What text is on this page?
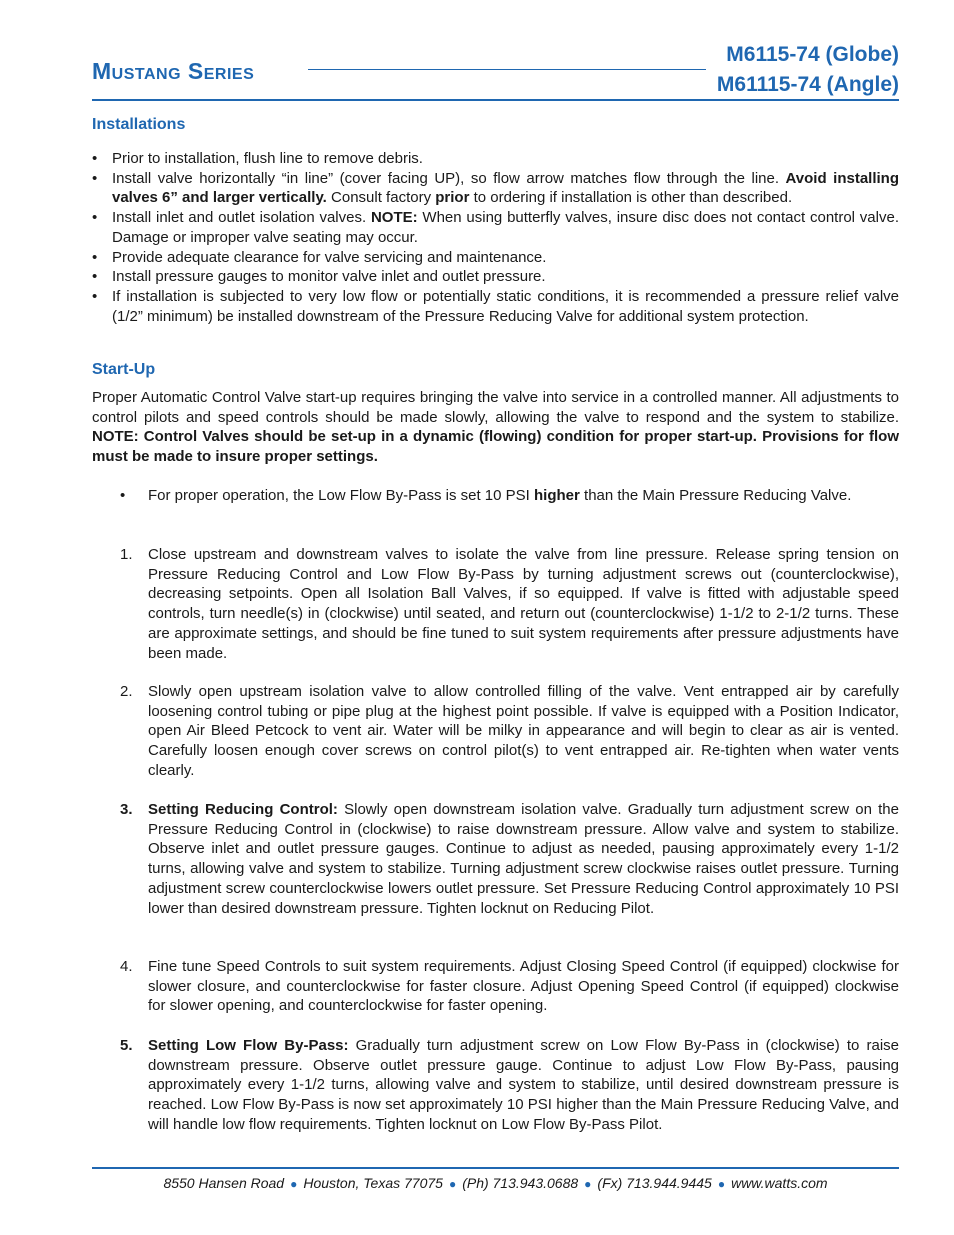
Mustang Series
M6115-74 (Globe)
M61115-74 (Angle)
Installations
• Prior to installation, flush line to remove debris.
• Install valve horizontally “in line” (cover facing UP), so flow arrow matches flow through the line. Avoid installing valves 6” and larger vertically. Consult factory prior to ordering if installation is other than described.
• Install inlet and outlet isolation valves. NOTE: When using butterfly valves, insure disc does not contact control valve. Damage or improper valve seating may occur.
• Provide adequate clearance for valve servicing and maintenance.
• Install pressure gauges to monitor valve inlet and outlet pressure.
• If installation is subjected to very low flow or potentially static conditions, it is recommended a pressure relief valve (1/2” minimum) be installed downstream of the Pressure Reducing Valve for additional system protection.
Start-Up
Proper Automatic Control Valve start-up requires bringing the valve into service in a controlled manner. All adjustments to control pilots and speed controls should be made slowly, allowing the valve to respond and the system to stabilize. NOTE: Control Valves should be set-up in a dynamic (flowing) condition for proper start-up. Provisions for flow must be made to insure proper settings.
• For proper operation, the Low Flow By-Pass is set 10 PSI higher than the Main Pressure Reducing Valve.
1. Close upstream and downstream valves to isolate the valve from line pressure. Release spring tension on Pressure Reducing Control and Low Flow By-Pass by turning adjustment screws out (counterclockwise), decreasing setpoints. Open all Isolation Ball Valves, if so equipped. If valve is fitted with adjustable speed controls, turn needle(s) in (clockwise) until seated, and return out (counterclockwise) 1-1/2 to 2-1/2 turns. These are approximate settings, and should be fine tuned to suit system requirements after pressure adjustments have been made.
2. Slowly open upstream isolation valve to allow controlled filling of the valve. Vent entrapped air by carefully loosening control tubing or pipe plug at the highest point possible. If valve is equipped with a Position Indicator, open Air Bleed Petcock to vent air. Water will be milky in appearance and will begin to clear as air is vented. Carefully loosen enough cover screws on control pilot(s) to vent entrapped air. Re-tighten when water vents clearly.
3. Setting Reducing Control: Slowly open downstream isolation valve. Gradually turn adjustment screw on the Pressure Reducing Control in (clockwise) to raise downstream pressure. Allow valve and system to stabilize. Observe inlet and outlet pressure gauges. Continue to adjust as needed, pausing approximately every 1-1/2 turns, allowing valve and system to stabilize. Turning adjustment screw clockwise raises outlet pressure. Turning adjustment screw counterclockwise lowers outlet pressure. Set Pressure Reducing Control approximately 10 PSI lower than desired downstream pressure. Tighten locknut on Reducing Pilot.
4. Fine tune Speed Controls to suit system requirements. Adjust Closing Speed Control (if equipped) clockwise for slower closure, and counterclockwise for faster closure. Adjust Opening Speed Control (if equipped) clockwise for slower opening, and counterclockwise for faster opening.
5. Setting Low Flow By-Pass: Gradually turn adjustment screw on Low Flow By-Pass in (clockwise) to raise downstream pressure. Observe outlet pressure gauge. Continue to adjust Low Flow By-Pass, pausing approximately every 1-1/2 turns, allowing valve and system to stabilize, until desired downstream pressure is reached. Low Flow By-Pass is now set approximately 10 PSI higher than the Main Pressure Reducing Valve, and will handle low flow requirements. Tighten locknut on Low Flow By-Pass Pilot.
8550 Hansen Road ● Houston, Texas 77075 ● (Ph) 713.943.0688 ● (Fx) 713.944.9445 ● www.watts.com
